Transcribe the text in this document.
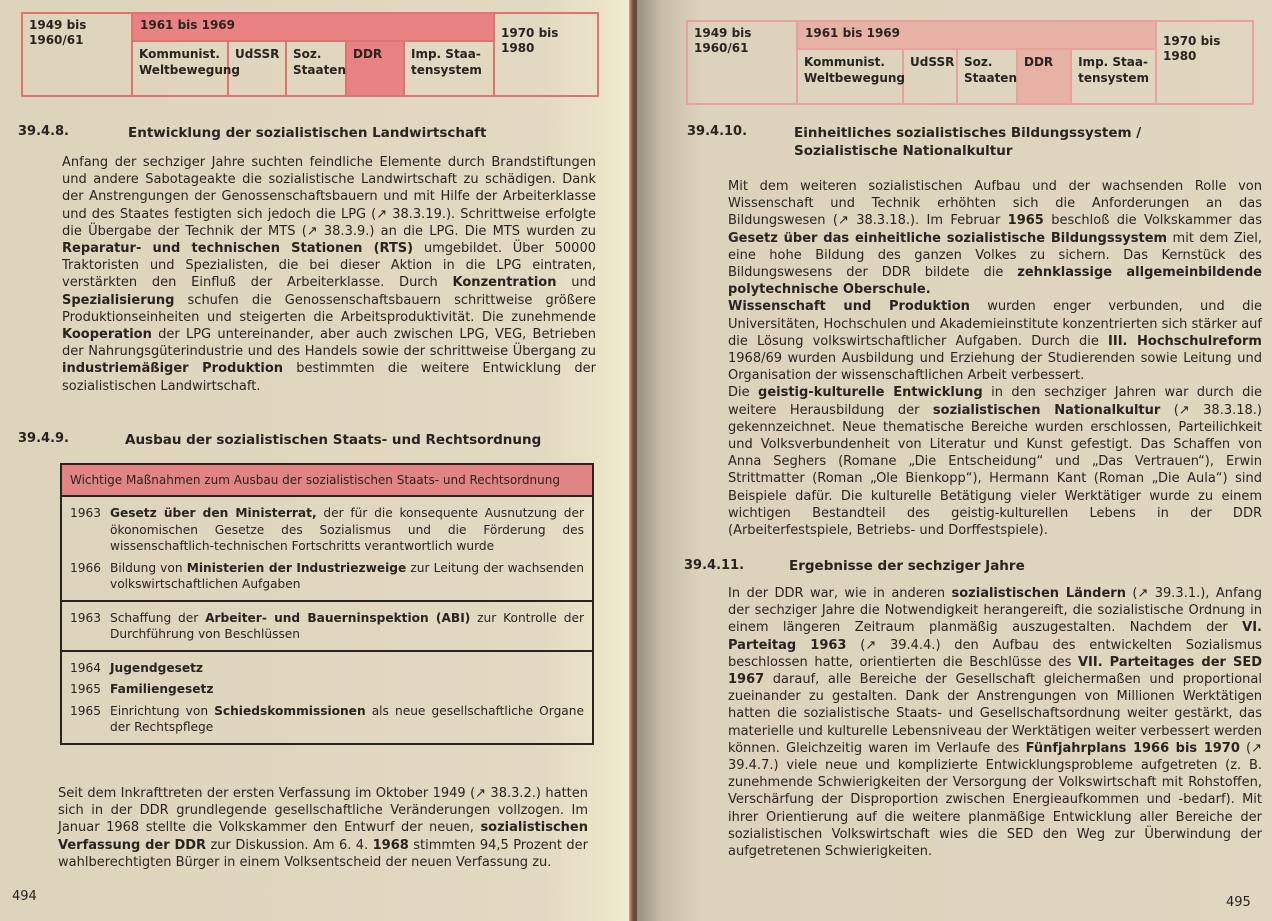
1949 bis 1960/61
1961 bis 1969
Kommunist. Weltbewegung
UdSSR	Soz. Staaten
DDR	Imp. Staa-tensystem
1970 bis 1980
39.4.8.	Entwicklung der sozialistischen Landwirtschaft
Anfang der sechziger Jahre suchten feindliche Elemente durch Brandstiftungen und andere Sabotageakte die sozialistische Landwirtschaft zu schädigen. Dank der Anstrengungen der Genossenschaftsbauern und mit Hilfe der Arbeiterklasse und des Staates festigten sich jedoch die LPG (↗ 38.3.19.). Schrittweise erfolgte die Übergabe der Technik der MTS (↗ 38.3.9.) an die LPG. Die MTS wurden zu Reparatur- und technischen Stationen (RTS) umgebildet. Über 50000 Traktoristen und Spezialisten, die bei dieser Aktion in die LPG eintraten, verstärkten den Einfluß der Arbeiterklasse. Durch Konzentration und Spezialisierung schufen die Genossenschaftsbauern schrittweise größere Produktionseinheiten und steigerten die Arbeitsproduktivität. Die zunehmende Kooperation der LPG untereinander, aber auch zwischen LPG, VEG, Betrieben der Nahrungsgüterindustrie und des Handels sowie der schrittweise Übergang zu industriemäßiger Produktion bestimmten die weitere Entwicklung der sozialistischen Landwirtschaft.
39.4.9.	Ausbau der sozialistischen Staats- und Rechtsordnung
Wichtige Maßnahmen zum Ausbau der sozialistischen Staats- und Rechtsordnung
1963 Gesetz über den Ministerrat, der für die konsequente Ausnutzung der ökonomischen Gesetze des Sozialismus und die Förderung des wissenschaftlich-technischen Fortschritts verantwortlich wurde
1966 Bildung von Ministerien der Industriezweige zur Leitung der wachsenden volkswirtschaftlichen Aufgaben
1963 Schaffung der Arbeiter- und Bauerninspektion (ABI) zur Kontrolle der Durchführung von Beschlüssen
1964 Jugendgesetz
1965 Familiengesetz
1965 Einrichtung von Schiedskommissionen als neue gesellschaftliche Organe der Rechtspflege
Seit dem Inkrafttreten der ersten Verfassung im Oktober 1949 (↗ 38.3.2.) hatten sich in der DDR grundlegende gesellschaftliche Veränderungen vollzogen. Im Januar 1968 stellte die Volkskammer den Entwurf der neuen, sozialistischen Verfassung der DDR zur Diskussion. Am 6. 4. 1968 stimmten 94,5 Prozent der wahlberechtigten Bürger in einem Volksentscheid der neuen Verfassung zu.
494
1949 bis 1960/61
1961 bis 1969
Kommunist. Weltbewegung
UdSSR Soz. Staaten
DDR	Imp. Staa-tensystem
1970 bis 1980
39.4.10.	Einheitliches sozialistisches Bildungssystem /
Sozialistische Nationalkultur
Mit dem weiteren sozialistischen Aufbau und der wachsenden Rolle von Wissenschaft und Technik erhöhten sich die Anforderungen an das Bildungswesen (↗ 38.3.18.). Im Februar 1965 beschloß die Volkskammer das Gesetz über das einheitliche sozialistische Bildungssystem mit dem Ziel, eine hohe Bildung des ganzen Volkes zu sichern. Das Kernstück des Bildungswesens der DDR bildete die zehnklassige allgemeinbildende polytechnische Oberschule.
Wissenschaft und Produktion wurden enger verbunden, und die Universitäten, Hochschulen und Akademieinstitute konzentrierten sich stärker auf die Lösung volkswirtschaftlicher Aufgaben. Durch die III. Hochschulreform 1968/69 wurden Ausbildung und Erziehung der Studierenden sowie Leitung und Organisation der wissenschaftlichen Arbeit verbessert.
Die geistig-kulturelle Entwicklung in den sechziger Jahren war durch die weitere Herausbildung der sozialistischen Nationalkultur (↗ 38.3.18.) gekennzeichnet. Neue thematische Bereiche wurden erschlossen, Parteilichkeit und Volksverbundenheit von Literatur und Kunst gefestigt. Das Schaffen von Anna Seghers (Romane „Die Entscheidung“ und „Das Vertrauen“), Erwin Strittmatter (Roman „Ole Bienkopp“), Hermann Kant (Roman „Die Aula“) sind Beispiele dafür. Die kulturelle Betätigung vieler Werktätiger wurde zu einem wichtigen Bestandteil des geistig-kulturellen Lebens in der DDR (Arbeiterfestspiele, Betriebs- und Dorffestspiele).
39.4.11.	Ergebnisse der sechziger Jahre
In der DDR war, wie in anderen sozialistischen Ländern (↗ 39.3.1.), Anfang der sechziger Jahre die Notwendigkeit herangereift, die sozialistische Ordnung in einem längeren Zeitraum planmäßig auszugestalten. Nachdem der VI. Parteitag 1963 (↗ 39.4.4.) den Aufbau des entwickelten Sozialismus beschlossen hatte, orientierten die Beschlüsse des VII. Parteitages der SED 1967 darauf, alle Bereiche der Gesellschaft gleichermaßen und proportional zueinander zu gestalten. Dank der Anstrengungen von Millionen Werktätigen hatten die sozialistische Staats- und Gesellschaftsordnung weiter gestärkt, das materielle und kulturelle Lebensniveau der Werktätigen weiter verbessert werden können. Gleichzeitig waren im Verlaufe des Fünfjahrplans 1966 bis 1970 (↗ 39.4.7.) viele neue und komplizierte Entwicklungsprobleme aufgetreten (z. B. zunehmende Schwierigkeiten der Versorgung der Volkswirtschaft mit Rohstoffen, Verschärfung der Disproportion zwischen Energieaufkommen und -bedarf). Mit ihrer Orientierung auf die weitere planmäßige Entwicklung aller Bereiche der sozialistischen Volkswirtschaft wies die SED den Weg zur Überwindung der aufgetretenen Schwierigkeiten.
495
